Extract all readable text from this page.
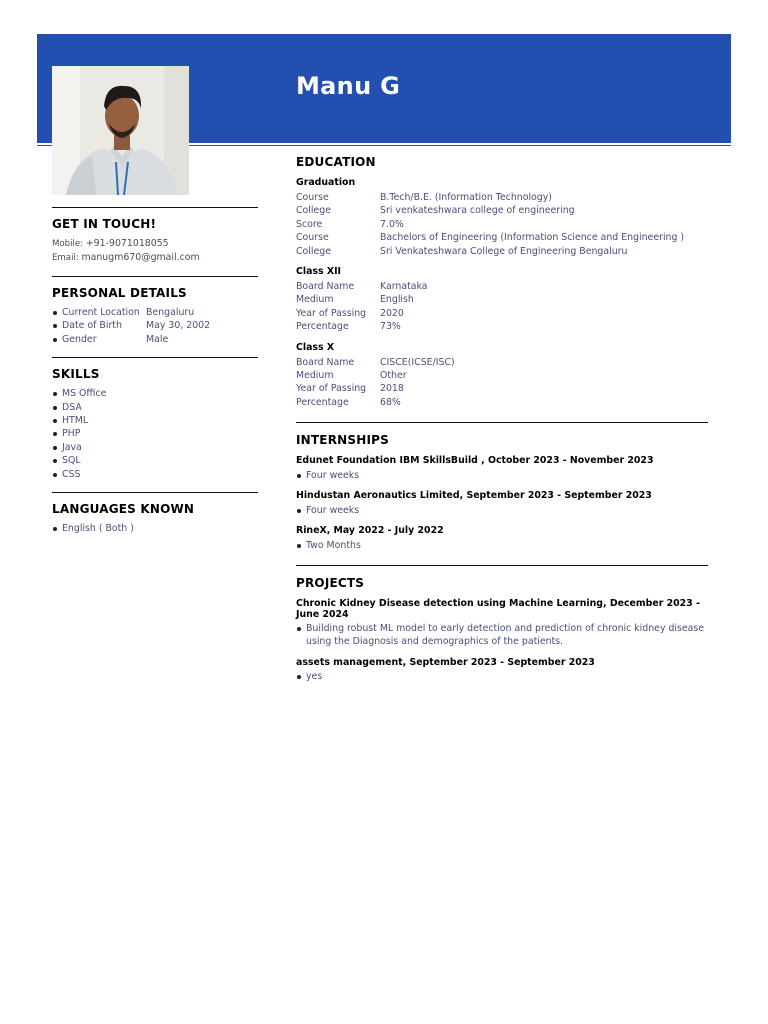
Manu G
GET IN TOUCH!
Mobile: +91-9071018055
Email: manugm670@gmail.com
PERSONAL DETAILS
Current Location Bengaluru
Date of Birth	May 30, 2002
Gender	Male
SKILLS
MS Office
DSA
HTML
PHP
Java
SQL
CSS
LANGUAGES KNOWN
English ( Both )
EDUCATION
Graduation
Course	B.Tech/B.E. (Information Technology)
College	Sri venkateshwara college of engineering
Score	7.0%
Course	Bachelors of Engineering (Information Science and Engineering )
College	Sri Venkateshwara College of Engineering Bengaluru
Class XII
Board Name	Karnataka
Medium	English
Year of Passing	2020
Percentage	73%
Class X
Board Name	CISCE(ICSE/ISC)
Medium	Other
Year of Passing	2018
Percentage	68%
INTERNSHIPS
Edunet Foundation IBM SkillsBuild , October 2023 - November 2023
Four weeks
Hindustan Aeronautics Limited, September 2023 - September 2023
Four weeks
RineX, May 2022 - July 2022
Two Months
PROJECTS
Chronic Kidney Disease detection using Machine Learning, December 2023 - June 2024
Building robust ML model to early detection and prediction of chronic kidney disease using the Diagnosis and demographics of the patients.
assets management, September 2023 - September 2023
yes
